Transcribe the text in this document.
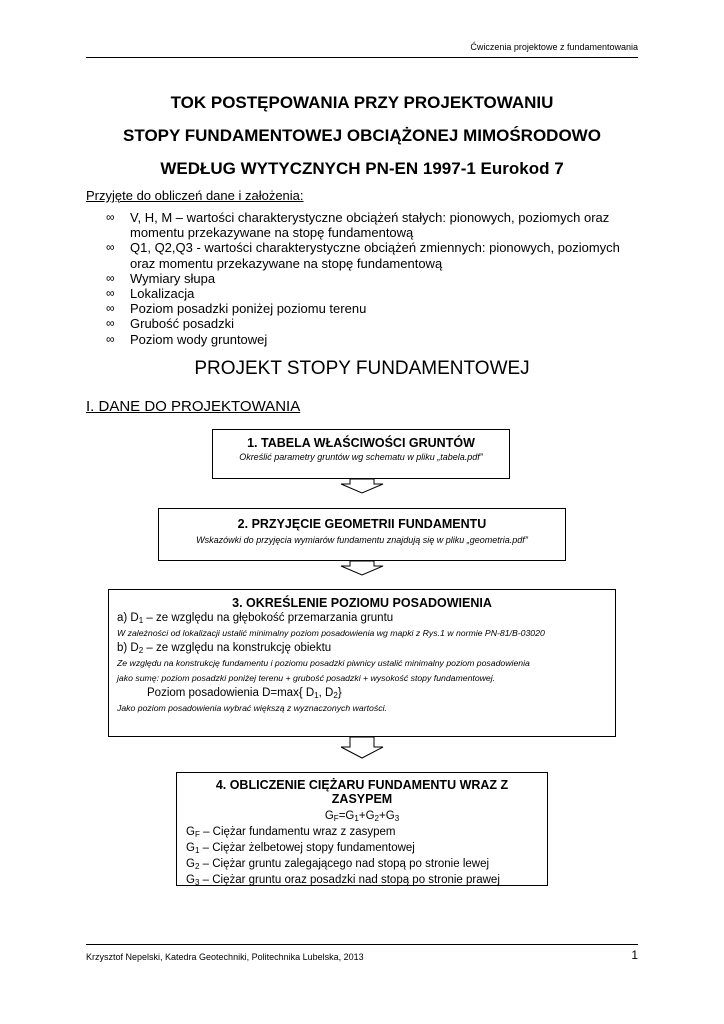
Ćwiczenia projektowe z fundamentowania
TOK POSTĘPOWANIA PRZY PROJEKTOWANIU
STOPY FUNDAMENTOWEJ OBCIĄŻONEJ MIMOŚRODOWO
WEDŁUG WYTYCZNYCH PN-EN 1997-1 Eurokod 7
Przyjęte do obliczeń dane i założenia:
∞ V, H, M – wartości charakterystyczne obciążeń stałych: pionowych, poziomych oraz momentu przekazywane na stopę fundamentową
∞ Q1, Q2,Q3 - wartości charakterystyczne obciążeń zmiennych: pionowych, poziomych oraz momentu przekazywane na stopę fundamentową
∞ Wymiary słupa
∞ Lokalizacja
∞ Poziom posadzki poniżej poziomu terenu
∞ Grubość posadzki
∞ Poziom wody gruntowej
PROJEKT STOPY FUNDAMENTOWEJ
I. DANE DO PROJEKTOWANIA
1. TABELA WŁAŚCIWOŚCI GRUNTÓW
Określić parametry gruntów wg schematu w pliku „tabela.pdf”
2. PRZYJĘCIE GEOMETRII FUNDAMENTU
Wskazówki do przyjęcia wymiarów fundamentu znajdują się w pliku „geometria.pdf”
3. OKREŚLENIE POZIOMU POSADOWIENIA
a) $D_1$ – ze względu na głębokość przemarzania gruntu
W zależności od lokalizacji ustalić minimalny poziom posadowienia wg mapki z Rys.1 w normie PN-81/B-03020
b) $D_2$ – ze względu na konstrukcję obiektu
Ze względu na konstrukcję fundamentu i poziomu posadzki piwnicy ustalić minimalny poziom posadowienia
jako sumę: poziom posadzki poniżej terenu + grubość posadzki + wysokość stopy fundamentowej.
Poziom posadowienia D=max{ $D_1$, $D_2$}
Jako poziom posadowienia wybrać większą z wyznaczonych wartości.
4. OBLICZENIE CIĘŻARU FUNDAMENTU WRAZ Z ZASYPEM
$G_F=G_1+G_2+G_3$
$G_F$ – Ciężar fundamentu wraz z zasypem
$G_1$ – Ciężar żelbetowej stopy fundamentowej
$G_2$ – Ciężar gruntu zalegającego nad stopą po stronie lewej
$G_3$ – Ciężar gruntu oraz posadzki nad stopą po stronie prawej
Krzysztof Nepelski, Katedra Geotechniki, Politechnika Lubelska, 2013	1
